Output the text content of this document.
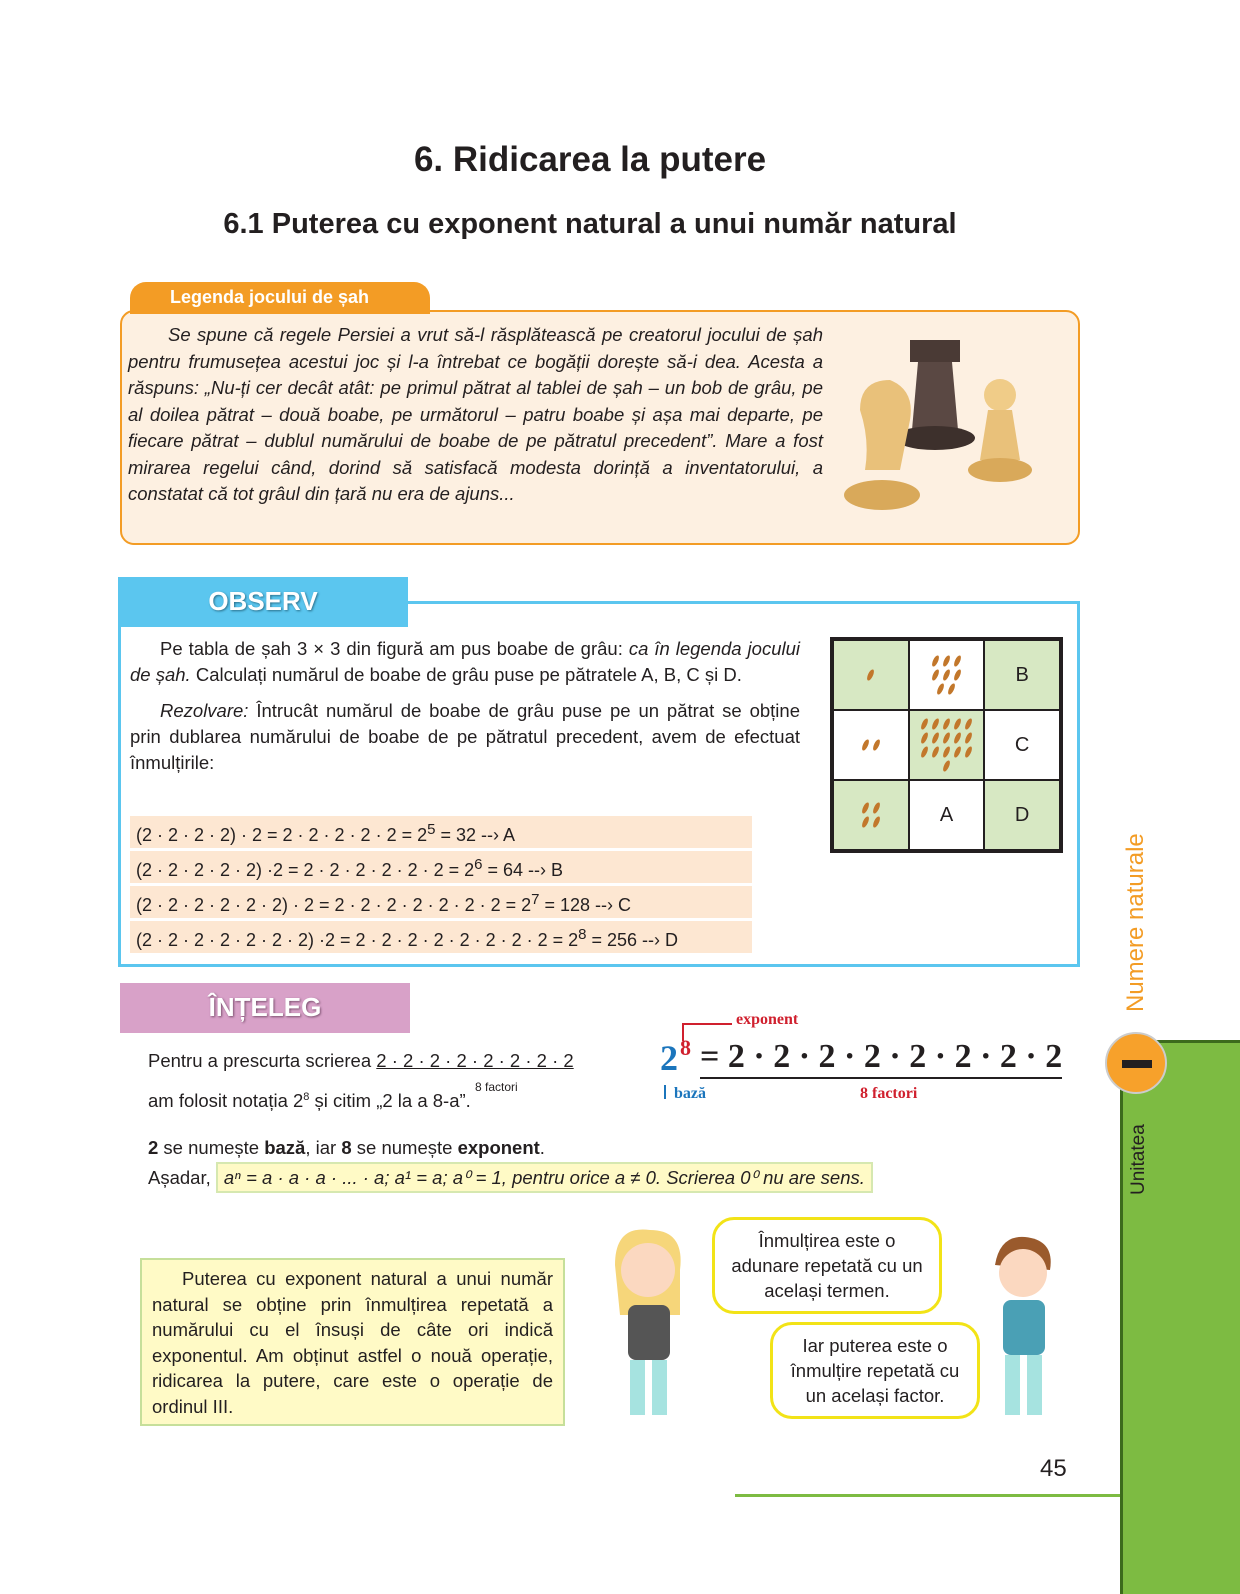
6. Ridicarea la putere
6.1 Puterea cu exponent natural a unui număr natural
Legenda jocului de șah
Se spune că regele Persiei a vrut să-l răsplătească pe creatorul jocului de șah pentru frumusețea acestui joc și l-a întrebat ce bogății dorește să-i dea. Acesta a răspuns: „Nu-ți cer decât atât: pe primul pătrat al tablei de șah – un bob de grâu, pe al doilea pătrat – două boabe, pe următorul – patru boabe și așa mai departe, pe fiecare pătrat – dublul numărului de boabe de pe pătratul precedent”. Mare a fost mirarea regelui când, dorind să satisfacă modesta dorință a inventatorului, a constatat că tot grâul din țară nu era de ajuns...
OBSERV

Pe tabla de șah 3 × 3 din figură am pus boabe de grâu: ca în legenda jocului de șah. Calculați numărul de boabe de grâu puse pe pătratele A, B, C și D.

Rezolvare: Întrucât numărul de boabe de grâu puse pe un pătrat se obține prin dublarea numărului de boabe de pe pătratul precedent, avem de efectuat înmulțirile:

$(2 \cdot 2 \cdot 2 \cdot 2) \cdot 2 = 2 \cdot 2 \cdot 2 \cdot 2 \cdot 2 = 2^5 = 32$ --› A
$(2 \cdot 2 \cdot 2 \cdot 2 \cdot 2) \cdot 2 = 2 \cdot 2 \cdot 2 \cdot 2 \cdot 2 \cdot 2 = 2^6 = 64$ --› B
$(2 \cdot 2 \cdot 2 \cdot 2 \cdot 2 \cdot 2) \cdot 2 = 2 \cdot 2 \cdot 2 \cdot 2 \cdot 2 \cdot 2 \cdot 2 = 2^7 = 128$ --› C
$(2 \cdot 2 \cdot 2 \cdot 2 \cdot 2 \cdot 2 \cdot 2) \cdot 2 = 2 \cdot 2 \cdot 2 \cdot 2 \cdot 2 \cdot 2 \cdot 2 \cdot 2 = 2^8 = 256$ --› D
B
C
A	D
ÎNȚELEG
Pentru a prescurta scrierea 2 · 2 · 2 · 2 · 2 · 2 · 2 · 2
8 factori
am folosit notația $2^8$ și citim „2 la a 8-a”.
2 se numește bază, iar 8 se numește exponent.
Așadar, aⁿ = a · a · a · ... · a; a¹ = a; a⁰ = 1, pentru orice a ≠ 0. Scrierea 0⁰ nu are sens.
exponent
2 8 = 2 · 2 · 2 · 2 · 2 · 2 · 2 · 2
bază	8 factori
Puterea cu exponent natural a unui număr natural se obține prin înmulțirea repetată a numărului cu el însuși de câte ori indică exponentul. Am obținut astfel o nouă operație, ridicarea la putere, care este o operație de ordinul III.
Înmulțirea este o adunare repetată cu un același termen.
Iar puterea este o înmulțire repetată cu un același factor.
Unitatea
Numere naturale
45
